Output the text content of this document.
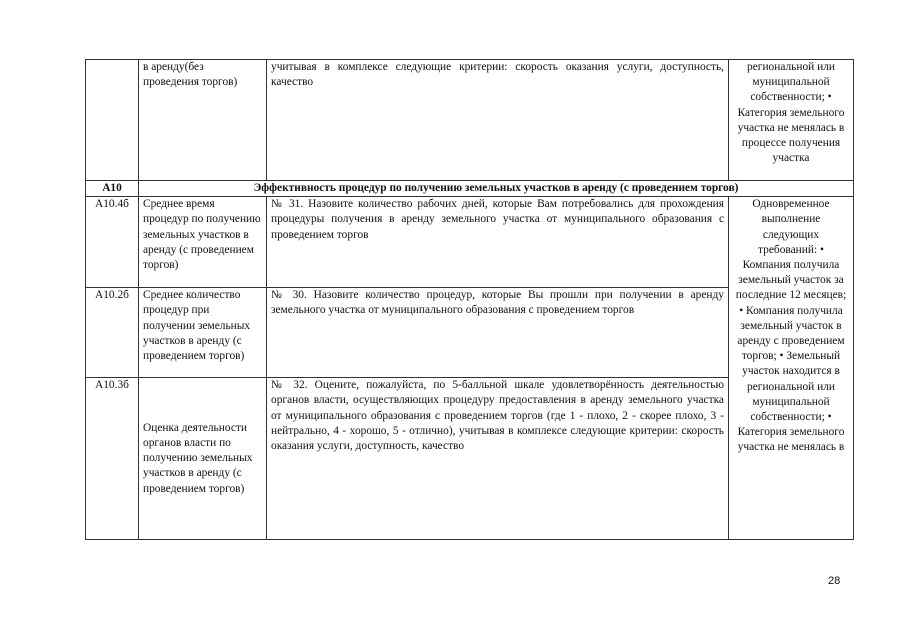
	в аренду(без проведения торгов)	учитывая в комплексе следующие критерии: скорость оказания услуги, доступность, качество	региональной или муниципальной собственности; • Категория земельного участка не менялась в процессе получения участка
А10	Эффективность процедур по получению земельных участков в аренду (с проведением торгов)		
А10.4б	Среднее время процедур по получению земельных участков в аренду (с проведением торгов)	№ 31. Назовите количество рабочих дней, которые Вам потребовались для прохождения процедуры получения в аренду земельного участка от муниципального образования с проведением торгов	Одновременное выполнение следующих требований: • Компания получила земельный участок за последние 12 месяцев; • Компания получила земельный участок в аренду с проведением торгов; • Земельный участок находится в региональной или муниципальной собственности; • Категория земельного участка не менялась в
А10.2б	Среднее количество процедур при получении земельных участков в аренду (с проведением торгов)	№ 30. Назовите количество процедур, которые Вы прошли при получении в аренду земельного участка от муниципального образования с проведением торгов	
А10.3б	Оценка деятельности органов власти по получению земельных участков в аренду (с проведением торгов)	№ 32. Оцените, пожалуйста, по 5-балльной шкале удовлетворённость деятельностью органов власти, осуществляющих процедуру предоставления в аренду земельного участка от муниципального образования с проведением торгов (где 1 - плохо, 2 - скорее плохо, 3 - нейтрально, 4 - хорошо, 5 - отлично), учитывая в комплексе следующие критерии: скорость оказания услуги, доступность, качество	
28
